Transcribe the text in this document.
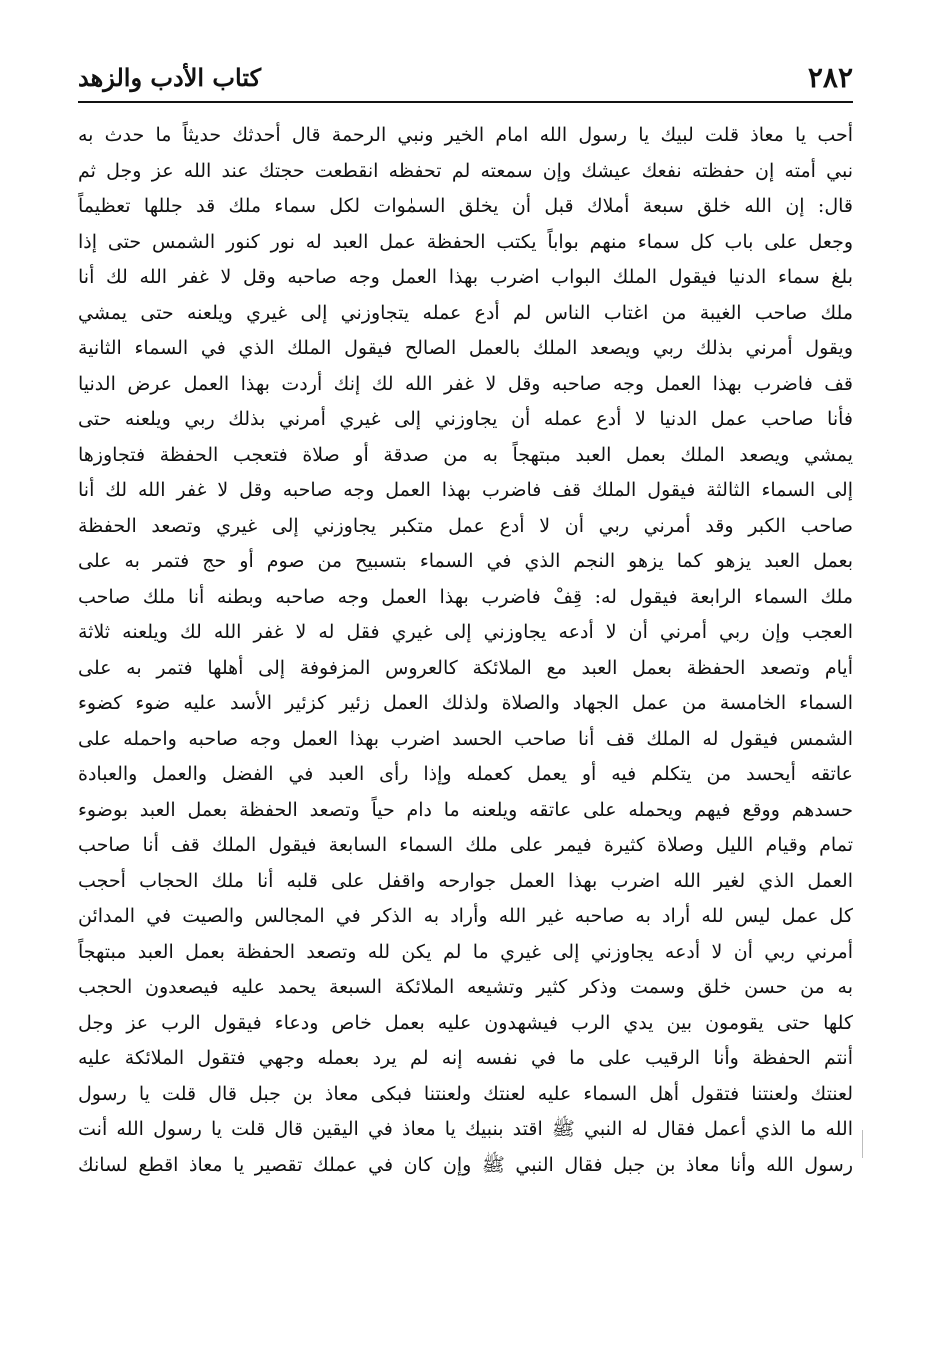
٢٨٢
كتاب الأدب والزهد
أحب يا معاذ قلت لبيك يا رسول الله امام الخير ونبي الرحمة قال أحدثك حديثاً ما حدث به
نبي أمته إن حفظته نفعك عيشك وإن سمعته لم تحفظه انقطعت حجتك عند الله عز وجل ثم
قال: إن الله خلق سبعة أملاك قبل أن يخلق السمٰوات لكل سماء ملك قد جللها تعظيماً
وجعل على باب كل سماء منهم بواباً يكتب الحفظة عمل العبد له نور كنور الشمس حتى إذا
بلغ سماء الدنيا فيقول الملك البواب اضرب بهذا العمل وجه صاحبه وقل لا غفر الله لك أنا
ملك صاحب الغيبة من اغتاب الناس لم أدع عمله يتجاوزني إلى غيري ويلعنه حتى يمشي
ويقول أمرني بذلك ربي ويصعد الملك بالعمل الصالح فيقول الملك الذي في السماء الثانية
قف فاضرب بهذا العمل وجه صاحبه وقل لا غفر الله لك إنك أردت بهذا العمل عرض الدنيا
فأنا صاحب عمل الدنيا لا أدع عمله أن يجاوزني إلى غيري أمرني بذلك ربي ويلعنه حتى
يمشي ويصعد الملك بعمل العبد مبتهجاً به من صدقة أو صلاة فتعجب الحفظة فتجاوزها
إلى السماء الثالثة فيقول الملك قف فاضرب بهذا العمل وجه صاحبه وقل لا غفر الله لك أنا
صاحب الكبر وقد أمرني ربي أن لا أدع عمل متكبر يجاوزني إلى غيري وتصعد الحفظة
بعمل العبد يزهو كما يزهو النجم الذي في السماء بتسبيح من صوم أو حج فتمر به على
ملك السماء الرابعة فيقول له: قِفْ فاضرب بهذا العمل وجه صاحبه وبطنه أنا ملك صاحب
العجب وإن ربي أمرني أن لا أدعه يجاوزني إلى غيري فقل له لا غفر الله لك ويلعنه ثلاثة
أيام وتصعد الحفظة بعمل العبد مع الملائكة كالعروس المزفوفة إلى أهلها فتمر به على
السماء الخامسة من عمل الجهاد والصلاة ولذلك العمل زئير كزئير الأسد عليه ضوء كضوء
الشمس فيقول له الملك قف أنا صاحب الحسد اضرب بهذا العمل وجه صاحبه واحمله على
عاتقه أيحسد من يتكلم فيه أو يعمل كعمله وإذا رأى العبد في الفضل والعمل والعبادة
حسدهم ووقع فيهم ويحمله على عاتقه ويلعنه ما دام حياً وتصعد الحفظة بعمل العبد بوضوء
تمام وقيام الليل وصلاة كثيرة فيمر على ملك السماء السابعة فيقول الملك قف أنا صاحب
العمل الذي لغير الله اضرب بهذا العمل جوارحه واقفل على قلبه أنا ملك الحجاب أحجب
كل عمل ليس لله أراد به صاحبه غير الله وأراد به الذكر في المجالس والصيت في المدائن
أمرني ربي أن لا أدعه يجاوزني إلى غيري ما لم يكن لله وتصعد الحفظة بعمل العبد مبتهجاً
به من حسن خلق وسمت وذكر كثير وتشيعه الملائكة السبعة يحمد عليه فيصعدون الحجب
كلها حتى يقومون بين يدي الرب فيشهدون عليه بعمل خاص ودعاء فيقول الرب عز وجل
أنتم الحفظة وأنا الرقيب على ما في نفسه إنه لم يرد بعمله وجهي فتقول الملائكة عليه
لعنتك ولعنتنا فتقول أهل السماء عليه لعنتك ولعنتنا فبكى معاذ بن جبل قال قلت يا رسول
الله ما الذي أعمل فقال له النبي ﷺ اقتد بنبيك يا معاذ في اليقين قال قلت يا رسول الله أنت
رسول الله وأنا معاذ بن جبل فقال النبي ﷺ وإن كان في عملك تقصير يا معاذ اقطع لسانك
